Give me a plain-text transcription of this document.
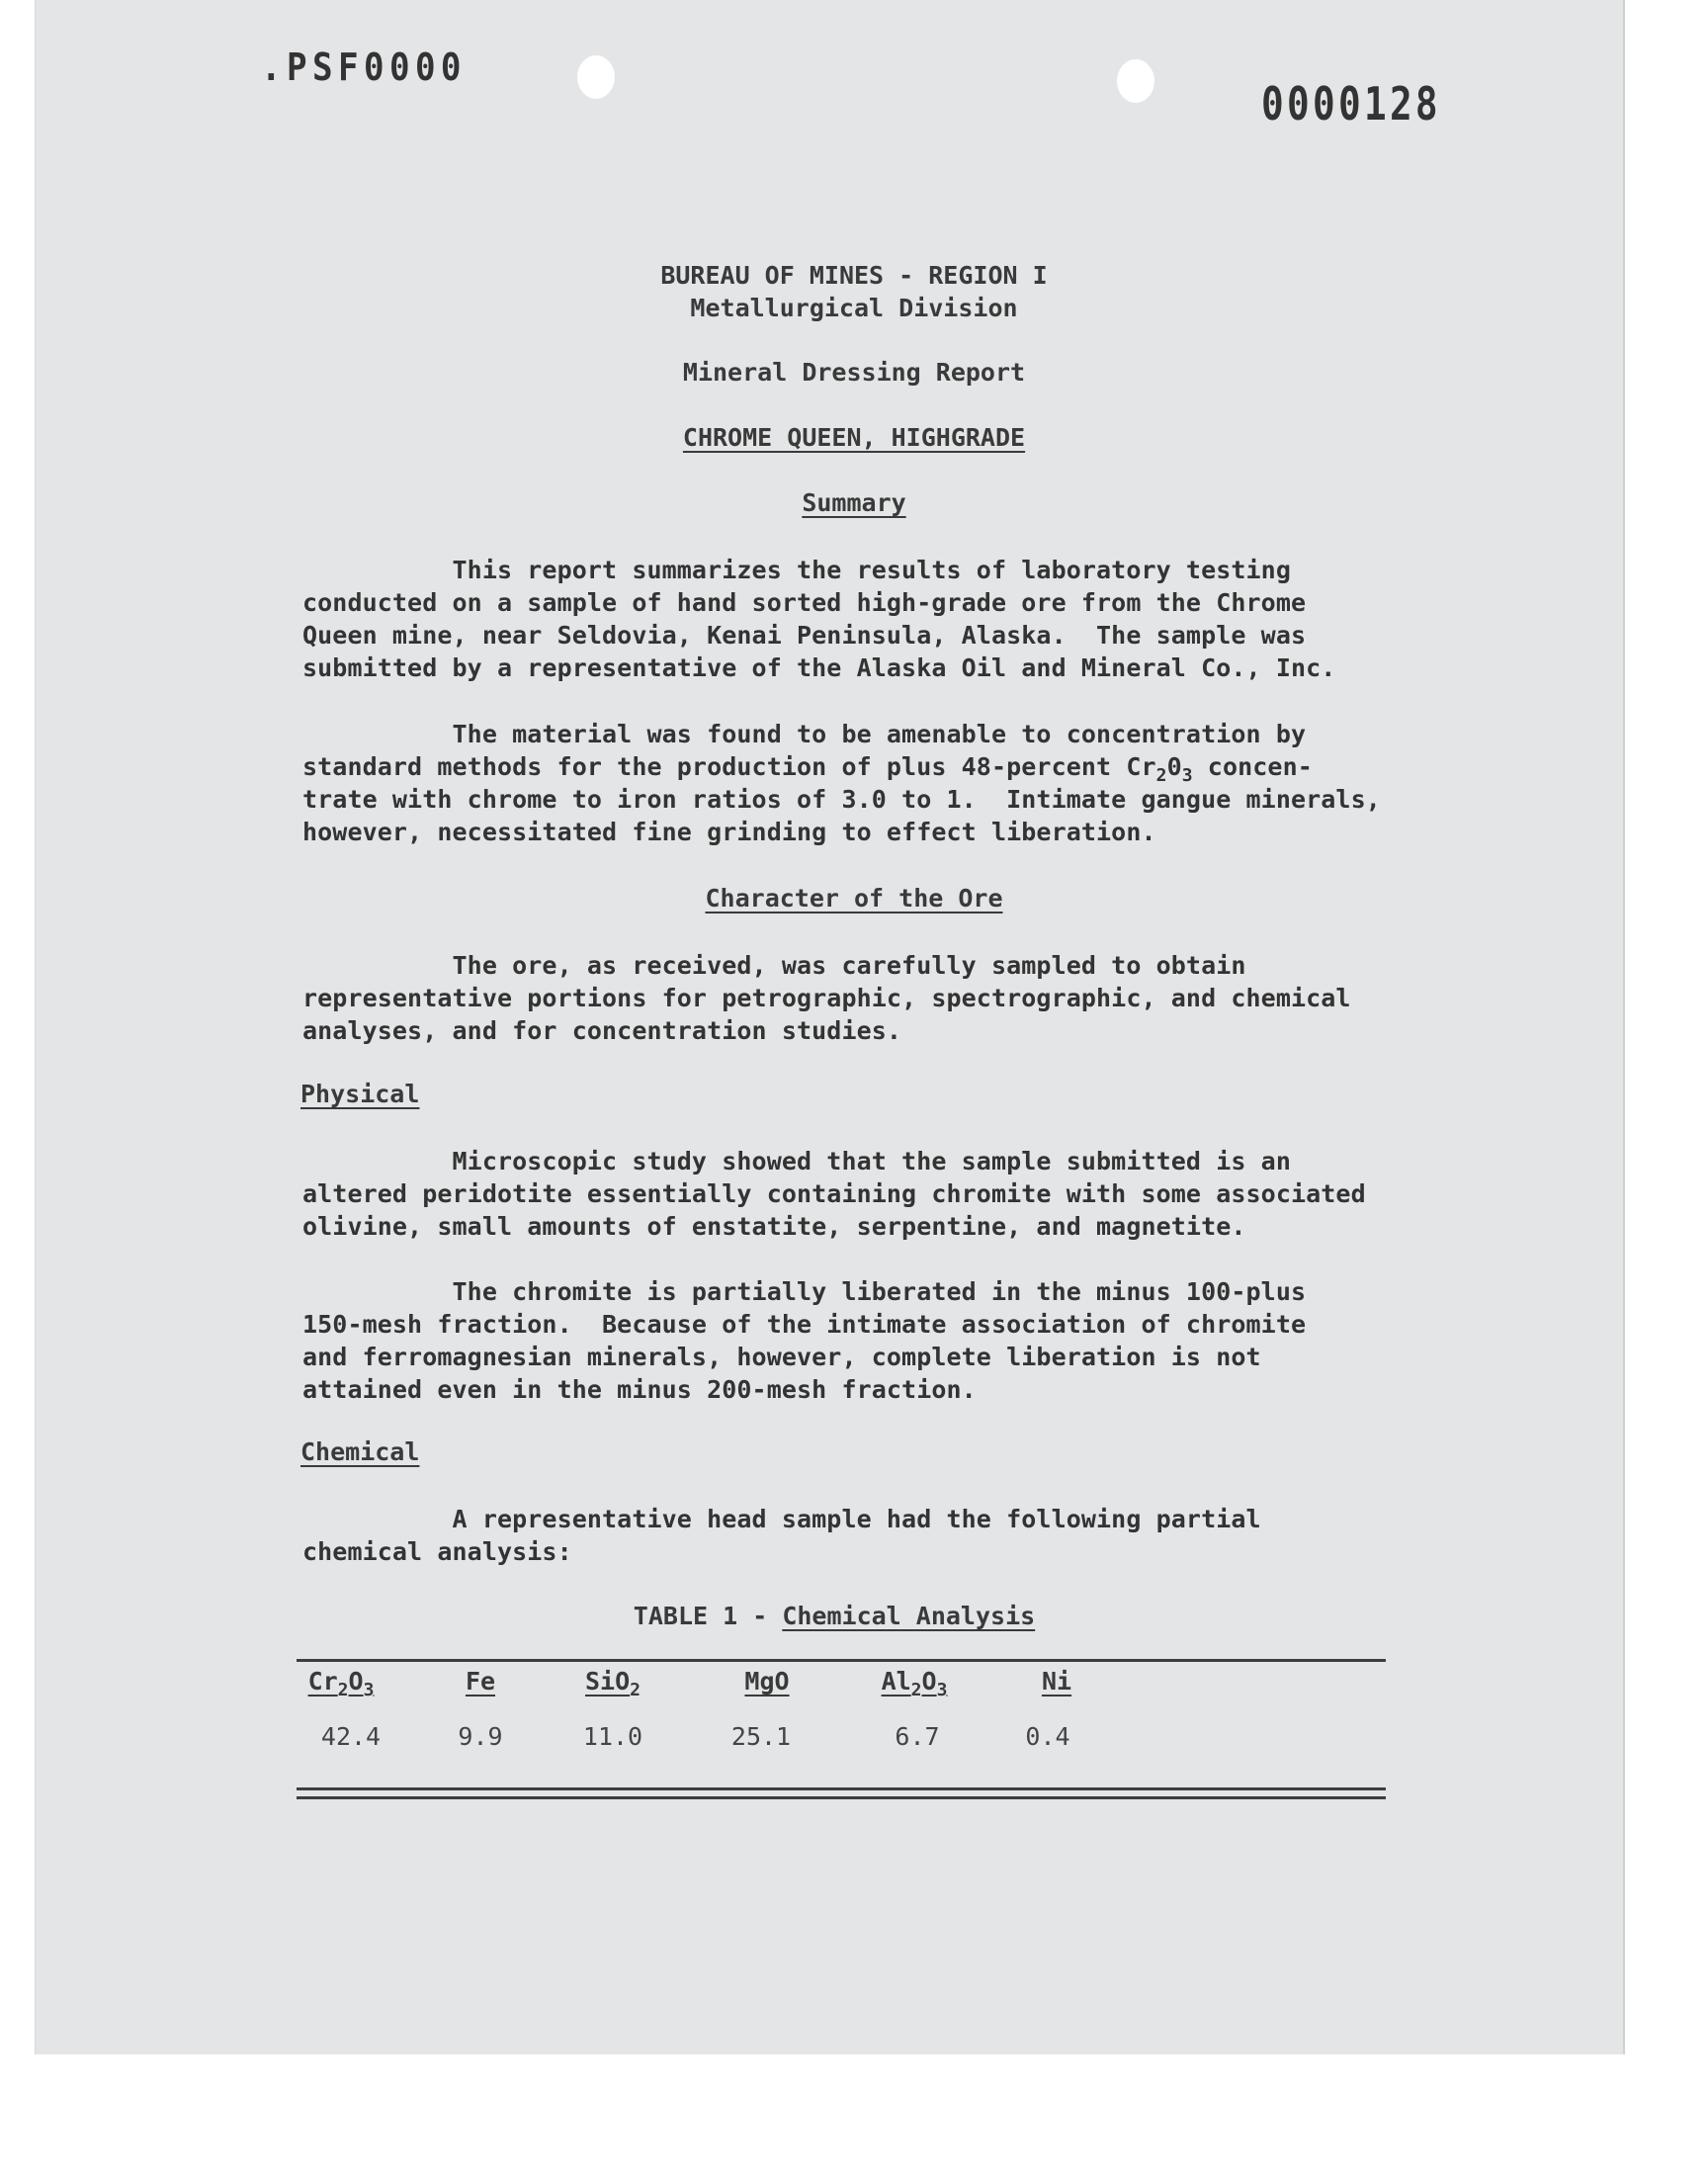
.PSF0000
0000128
BUREAU OF MINES - REGION I
Metallurgical Division
Mineral Dressing Report
CHROME QUEEN, HIGHGRADE
Summary
This report summarizes the results of laboratory testing
conducted on a sample of hand sorted high-grade ore from the Chrome
Queen mine, near Seldovia, Kenai Peninsula, Alaska.  The sample was
submitted by a representative of the Alaska Oil and Mineral Co., Inc.
The material was found to be amenable to concentration by
standard methods for the production of plus 48-percent $Cr_20_3$ concen-
trate with chrome to iron ratios of 3.0 to 1.  Intimate gangue minerals,
however, necessitated fine grinding to effect liberation.
Character of the Ore
The ore, as received, was carefully sampled to obtain
representative portions for petrographic, spectrographic, and chemical
analyses, and for concentration studies.
Physical
Microscopic study showed that the sample submitted is an
altered peridotite essentially containing chromite with some associated
olivine, small amounts of enstatite, serpentine, and magnetite.
The chromite is partially liberated in the minus 100-plus
150-mesh fraction.  Because of the intimate association of chromite
and ferromagnesian minerals, however, complete liberation is not
attained even in the minus 200-mesh fraction.
Chemical
A representative head sample had the following partial
chemical analysis:
TABLE 1 - Chemical Analysis
$Cr_2O_3$	Fe	SiO$_2$	MgO	$Al_2O_3$	Ni
42.4	9.9	11.0	25.1	6.7	0.4
